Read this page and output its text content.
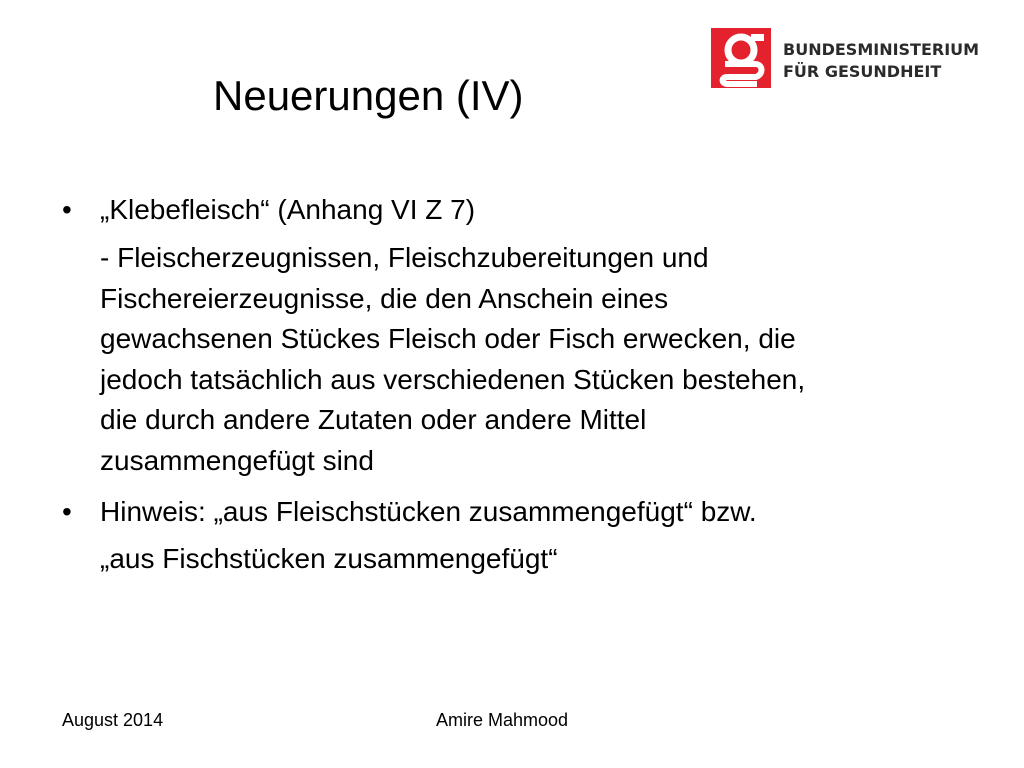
BUNDESMINISTERIUM
FÜR GESUNDHEIT
Neuerungen (IV)
• „Klebefleisch“ (Anhang VI Z 7)
- Fleischerzeugnissen, Fleischzubereitungen und
Fischereierzeugnisse, die den Anschein eines
gewachsenen Stückes Fleisch oder Fisch erwecken, die
jedoch tatsächlich aus verschiedenen Stücken bestehen,
die durch andere Zutaten oder andere Mittel
zusammengefügt sind
• Hinweis: „aus Fleischstücken zusammengefügt“ bzw.
„aus Fischstücken zusammengefügt“
August 2014	Amire Mahmood
